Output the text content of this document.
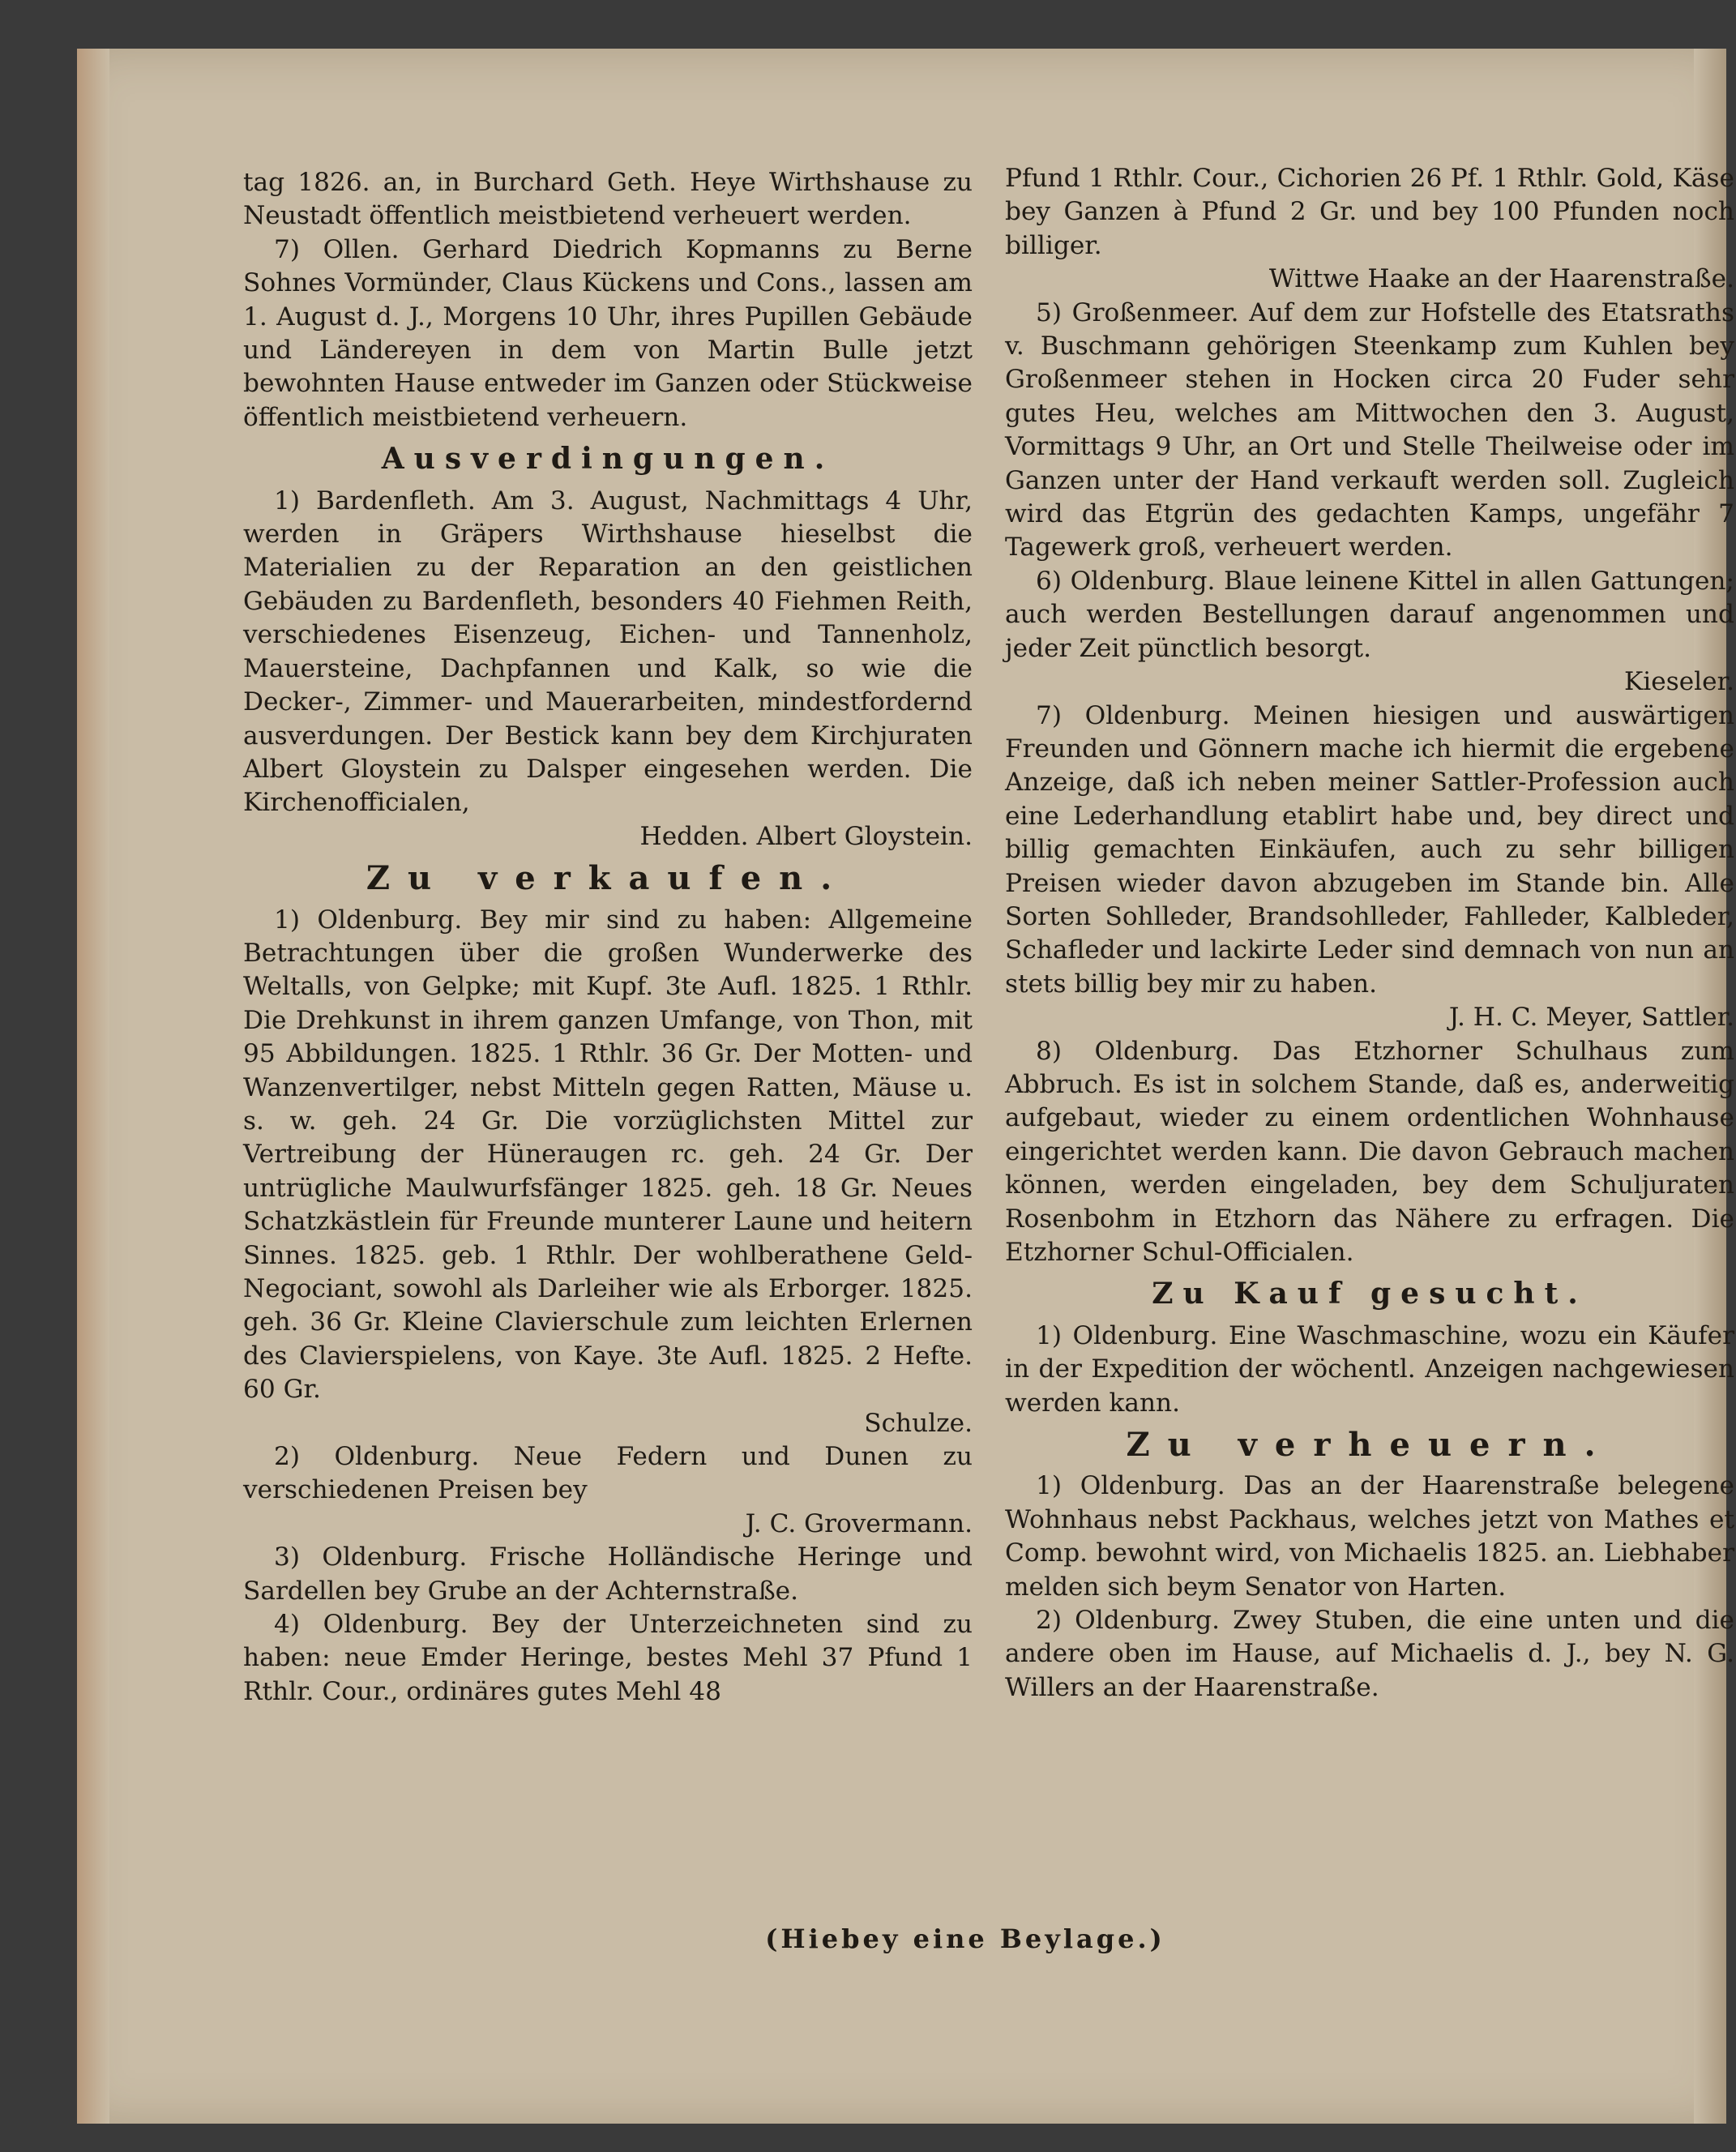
tag 1826. an, in Burchard Geth. Heye Wirthshause zu Neustadt öffentlich meistbietend verheuert werden.

7) Ollen. Gerhard Diedrich Kopmanns zu Berne Sohnes Vormünder, Claus Kückens und Cons., lassen am 1. August d. J., Morgens 10 Uhr, ihres Pupillen Gebäude und Ländereyen in dem von Martin Bulle jetzt bewohnten Hause entweder im Ganzen oder Stückweise öffentlich meistbietend verheuern.

Ausverdingungen.

1) Bardenfleth. Am 3. August, Nachmittags 4 Uhr, werden in Gräpers Wirthshause hieselbst die Materialien zu der Reparation an den geistlichen Gebäuden zu Bardenfleth, besonders 40 Fiehmen Reith, verschiedenes Eisenzeug, Eichen- und Tannenholz, Mauersteine, Dachpfannen und Kalk, so wie die Decker-, Zimmer- und Mauerarbeiten, mindestfordernd ausverdungen. Der Bestick kann bey dem Kirchjuraten Albert Gloystein zu Dalsper eingesehen werden. Die Kirchenofficialen,

Hedden. Albert Gloystein.

Zu verkaufen.

1) Oldenburg. Bey mir sind zu haben: Allgemeine Betrachtungen über die großen Wunderwerke des Weltalls, von Gelpke; mit Kupf. 3te Aufl. 1825. 1 Rthlr. Die Drehkunst in ihrem ganzen Umfange, von Thon, mit 95 Abbildungen. 1825. 1 Rthlr. 36 Gr. Der Motten- und Wanzenvertilger, nebst Mitteln gegen Ratten, Mäuse u. s. w. geh. 24 Gr. Die vorzüglichsten Mittel zur Vertreibung der Hüneraugen rc. geh. 24 Gr. Der untrügliche Maulwurfsfänger 1825. geh. 18 Gr. Neues Schatzkästlein für Freunde munterer Laune und heitern Sinnes. 1825. geb. 1 Rthlr. Der wohlberathene Geld-Negociant, sowohl als Darleiher wie als Erborger. 1825. geh. 36 Gr. Kleine Clavierschule zum leichten Erlernen des Clavierspielens, von Kaye. 3te Aufl. 1825. 2 Hefte. 60 Gr.

Schulze.

2) Oldenburg. Neue Federn und Dunen zu verschiedenen Preisen bey

J. C. Grovermann.

3) Oldenburg. Frische Holländische Heringe und Sardellen bey Grube an der Achternstraße.

4) Oldenburg. Bey der Unterzeichneten sind zu haben: neue Emder Heringe, bestes Mehl 37 Pfund 1 Rthlr. Cour., ordinäres gutes Mehl 48

Pfund 1 Rthlr. Cour., Cichorien 26 Pf. 1 Rthlr. Gold, Käse bey Ganzen à Pfund 2 Gr. und bey 100 Pfunden noch billiger.

Wittwe Haake an der Haarenstraße.

5) Großenmeer. Auf dem zur Hofstelle des Etatsraths v. Buschmann gehörigen Steenkamp zum Kuhlen bey Großenmeer stehen in Hocken circa 20 Fuder sehr gutes Heu, welches am Mittwochen den 3. August, Vormittags 9 Uhr, an Ort und Stelle Theilweise oder im Ganzen unter der Hand verkauft werden soll. Zugleich wird das Etgrün des gedachten Kamps, ungefähr 7 Tagewerk groß, verheuert werden.

6) Oldenburg. Blaue leinene Kittel in allen Gattungen; auch werden Bestellungen darauf angenommen und jeder Zeit pünctlich besorgt.

Kieseler.

7) Oldenburg. Meinen hiesigen und auswärtigen Freunden und Gönnern mache ich hiermit die ergebene Anzeige, daß ich neben meiner Sattler-Profession auch eine Lederhandlung etablirt habe und, bey direct und billig gemachten Einkäufen, auch zu sehr billigen Preisen wieder davon abzugeben im Stande bin. Alle Sorten Sohlleder, Brandsohlleder, Fahlleder, Kalbleder, Schafleder und lackirte Leder sind demnach von nun an stets billig bey mir zu haben.

J. H. C. Meyer, Sattler.

8) Oldenburg. Das Etzhorner Schulhaus zum Abbruch. Es ist in solchem Stande, daß es, anderweitig aufgebaut, wieder zu einem ordentlichen Wohnhause eingerichtet werden kann. Die davon Gebrauch machen können, werden eingeladen, bey dem Schuljuraten Rosenbohm in Etzhorn das Nähere zu erfragen. Die Etzhorner Schul-Officialen.

Zu Kauf gesucht.

1) Oldenburg. Eine Waschmaschine, wozu ein Käufer in der Expedition der wöchentl. Anzeigen nachgewiesen werden kann.

Zu verheuern.

1) Oldenburg. Das an der Haarenstraße belegene Wohnhaus nebst Packhaus, welches jetzt von Mathes et Comp. bewohnt wird, von Michaelis 1825. an. Liebhaber melden sich beym Senator von Harten.

2) Oldenburg. Zwey Stuben, die eine unten und die andere oben im Hause, auf Michaelis d. J., bey N. G. Willers an der Haarenstraße.

(Hiebey eine Beylage.)
